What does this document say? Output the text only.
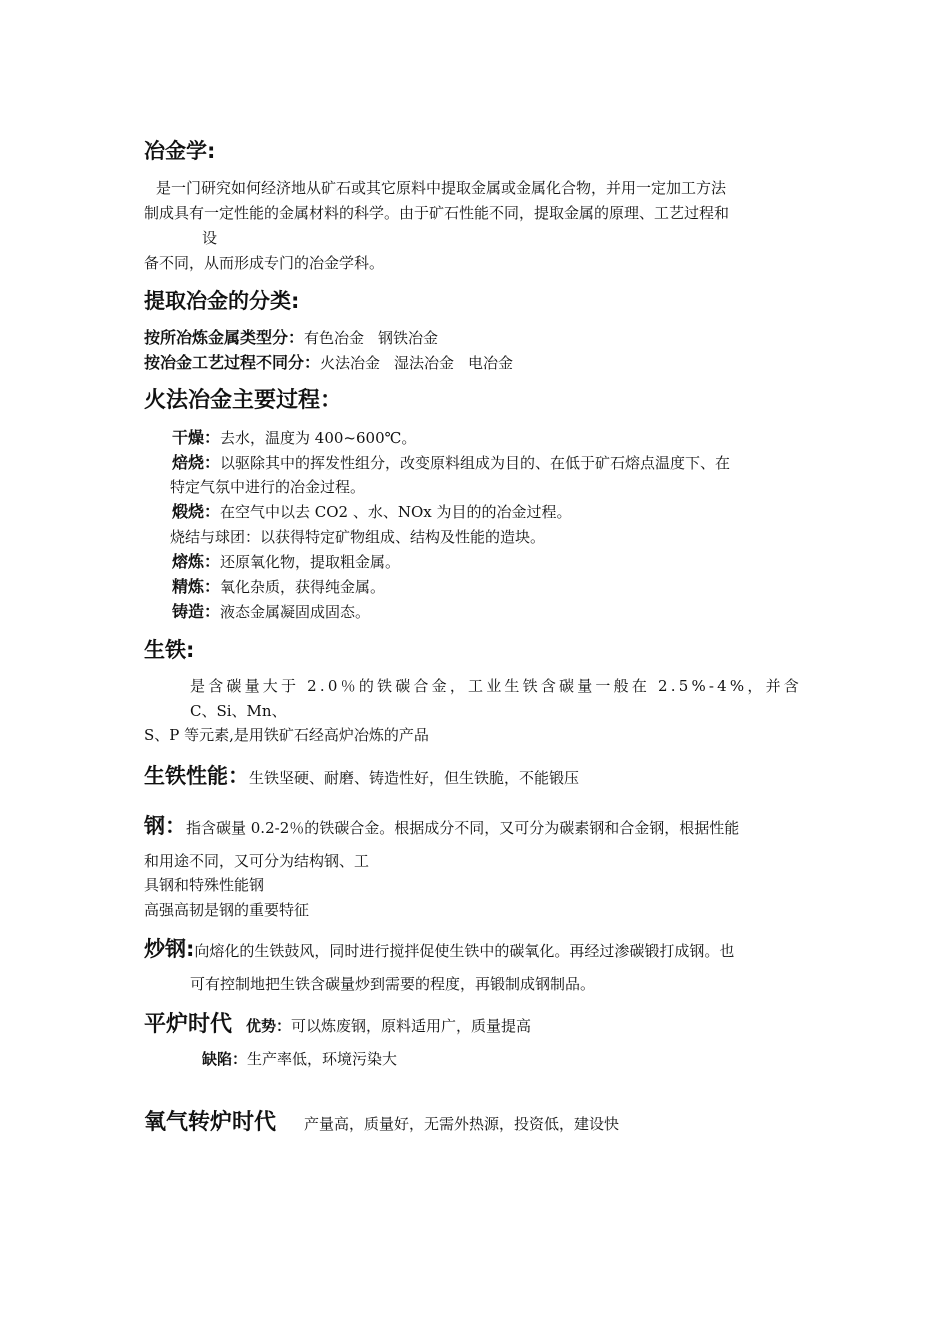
冶金学:
是一门研究如何经济地从矿石或其它原料中提取金属或金属化合物，并用一定加工方法
制成具有一定性能的金属材料的科学。由于矿石性能不同，提取金属的原理、工艺过程和
设
备不同，从而形成专门的冶金学科。
提取冶金的分类:
按所冶炼金属类型分：有色冶金 钢铁冶金
按冶金工艺过程不同分：火法冶金 湿法冶金 电冶金
火法冶金主要过程：
干燥：去水，温度为 400~600℃。
焙烧：以驱除其中的挥发性组分，改变原料组成为目的、在低于矿石熔点温度下、在
特定气氛中进行的冶金过程。
煅烧：在空气中以去 CO2 、水、NOx 为目的的冶金过程。
烧结与球团：以获得特定矿物组成、结构及性能的造块。
熔炼：还原氧化物，提取粗金属。
精炼：氧化杂质，获得纯金属。
铸造：液态金属凝固成固态。
生铁:
是含碳量大于 2.0％的铁碳合金，工业生铁含碳量一般在 2.5%-4%，并含
C、Si、Mn、
S、P 等元素,是用铁矿石经高炉冶炼的产品
生铁性能：生铁坚硬、耐磨、铸造性好，但生铁脆，不能锻压
钢：指含碳量 0.2-2％的铁碳合金。根据成分不同，又可分为碳素钢和合金钢，根据性能
和用途不同，又可分为结构钢、工
具钢和特殊性能钢
高强高韧是钢的重要特征
炒钢:向熔化的生铁鼓风，同时进行搅拌促使生铁中的碳氧化。再经过渗碳锻打成钢。也
可有控制地把生铁含碳量炒到需要的程度，再锻制成钢制品。
平炉时代 优势：可以炼废钢，原料适用广，质量提高
缺陷：生产率低，环境污染大
氧气转炉时代 产量高，质量好，无需外热源，投资低，建设快
